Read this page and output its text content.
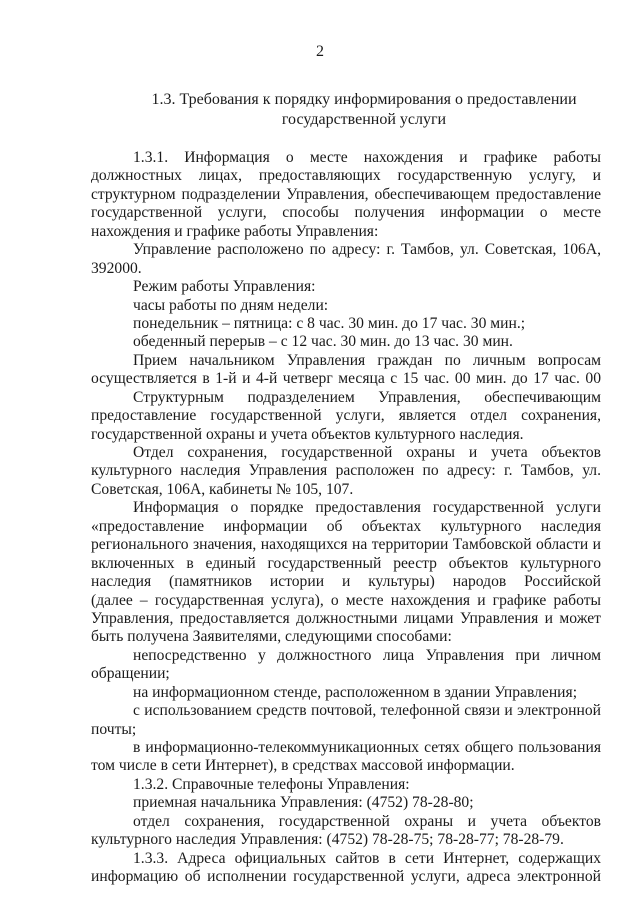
2
1.3. Требования к порядку информирования о предоставлении
государственной услуги
1.3.1. Информация о месте нахождения и графике работы
должностных лицах, предоставляющих государственную услугу, и
структурном подразделении Управления, обеспечивающем предоставление
государственной услуги, способы получения информации о месте
нахождения и графике работы Управления:
Управление расположено по адресу: г. Тамбов, ул. Советская, 106А,
392000.
Режим работы Управления:
часы работы по дням недели:
понедельник – пятница: с 8 час. 30 мин. до 17 час. 30 мин.;
обеденный перерыв – с 12 час. 30 мин. до 13 час. 30 мин.
Прием начальником Управления граждан по личным вопросам
осуществляется в 1-й и 4-й четверг месяца с 15 час. 00 мин. до 17 час. 00
Структурным подразделением Управления, обеспечивающим
предоставление государственной услуги, является отдел сохранения,
государственной охраны и учета объектов культурного наследия.
Отдел сохранения, государственной охраны и учета объектов
культурного наследия Управления расположен по адресу: г. Тамбов, ул.
Советская, 106А, кабинеты № 105, 107.
Информация о порядке предоставления государственной услуги
«предоставление информации об объектах культурного наследия
регионального значения, находящихся на территории Тамбовской области и
включенных в единый государственный реестр объектов культурного
наследия (памятников истории и культуры) народов Российской
(далее – государственная услуга), о месте нахождения и графике работы
Управления, предоставляется должностными лицами Управления и может
быть получена Заявителями, следующими способами:
непосредственно у должностного лица Управления при личном
обращении;
на информационном стенде, расположенном в здании Управления;
с использованием средств почтовой, телефонной связи и электронной
почты;
в информационно-телекоммуникационных сетях общего пользования
том числе в сети Интернет), в средствах массовой информации.
1.3.2. Справочные телефоны Управления:
приемная начальника Управления: (4752) 78-28-80;
отдел сохранения, государственной охраны и учета объектов
культурного наследия Управления: (4752) 78-28-75; 78-28-77; 78-28-79.
1.3.3. Адреса официальных сайтов в сети Интернет, содержащих
информацию об исполнении государственной услуги, адреса электронной
